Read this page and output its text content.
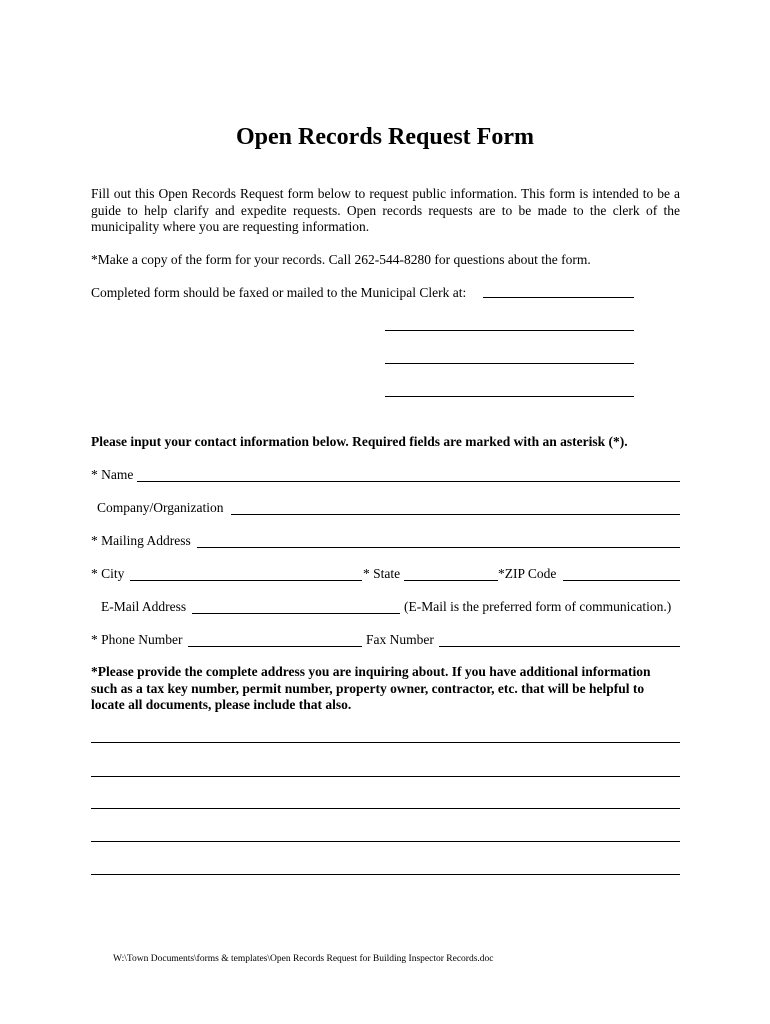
Open Records Request Form
Fill out this Open Records Request form below to request public information. This form is intended to be a guide to help clarify and expedite requests. Open records requests are to be made to the clerk of the municipality where you are requesting information.
*Make a copy of the form for your records. Call 262-544-8280 for questions about the form.
Completed form should be faxed or mailed to the Municipal Clerk at:
Please input your contact information below. Required fields are marked with an asterisk (*).
* Name
Company/Organization
* Mailing Address
* City	* State	*ZIP Code
E-Mail Address	(E-Mail is the preferred form of communication.)
* Phone Number	Fax Number
*Please provide the complete address you are inquiring about. If you have additional information such as a tax key number, permit number, property owner, contractor, etc. that will be helpful to locate all documents, please include that also.
W:\Town Documents\forms & templates\Open Records Request for Building Inspector Records.doc
